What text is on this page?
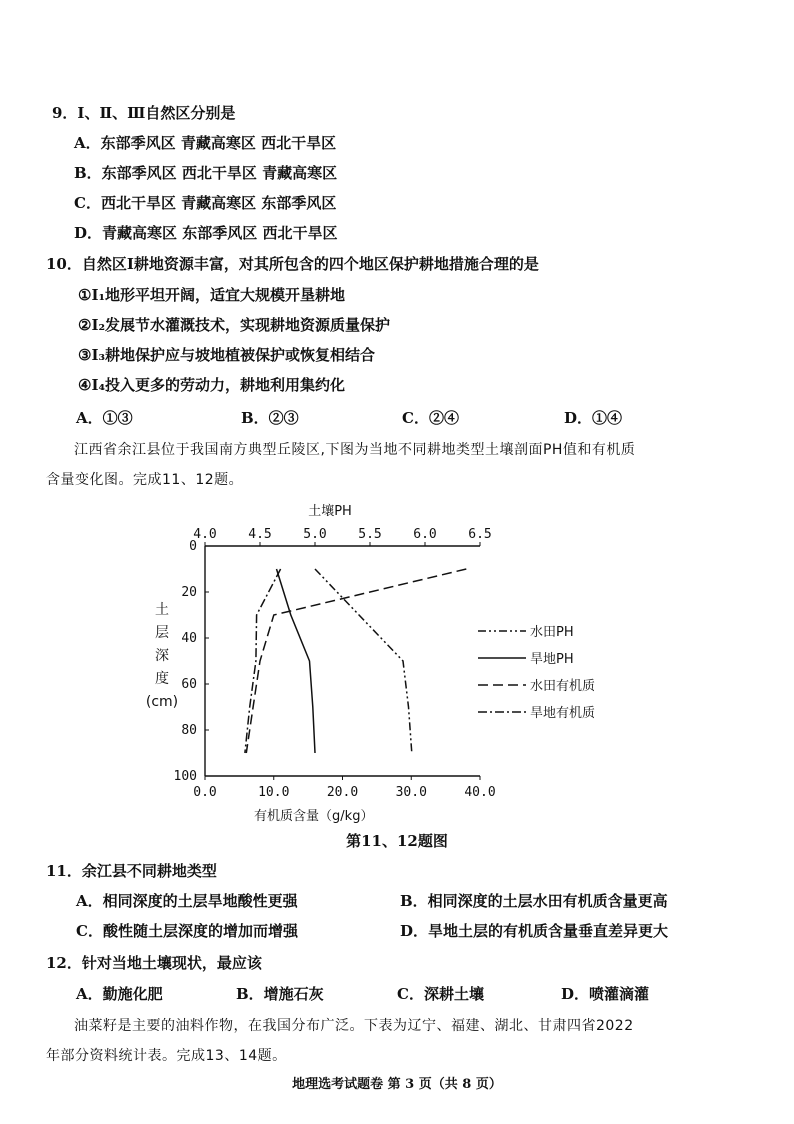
9．Ⅰ、Ⅱ、Ⅲ自然区分别是
A．东部季风区 青藏高寒区 西北干旱区
B．东部季风区 西北干旱区 青藏高寒区
C．西北干旱区 青藏高寒区 东部季风区
D．青藏高寒区 东部季风区 西北干旱区
10．自然区Ⅰ耕地资源丰富，对其所包含的四个地区保护耕地措施合理的是
①Ⅰ₁地形平坦开阔，适宜大规模开垦耕地
②Ⅰ₂发展节水灌溉技术，实现耕地资源质量保护
③Ⅰ₃耕地保护应与坡地植被保护或恢复相结合
④Ⅰ₄投入更多的劳动力，耕地利用集约化
A．①③	B．②③	C．②④	D．①④
江西省余江县位于我国南方典型丘陵区,下图为当地不同耕地类型土壤剖面PH值和有机质
含量变化图。完成11、12题。
水田PH
旱地PH
水田有机质
旱地有机质
4.0 4.5 5.0 5.5 6.0 6.5
土壤PH
0.0	10.0	20.0	30.0	40.0
有机质含量（g/kg）
0
20
40
60
80
100
土
层
深
度
(cm)
第11、12题图
11．余江县不同耕地类型
A．相同深度的土层旱地酸性更强	B．相同深度的土层水田有机质含量更高
C．酸性随土层深度的增加而增强	D．旱地土层的有机质含量垂直差异更大
12．针对当地土壤现状，最应该
A．勤施化肥	B．增施石灰	C．深耕土壤	D．喷灌滴灌
油菜籽是主要的油料作物，在我国分布广泛。下表为辽宁、福建、湖北、甘肃四省2022
年部分资料统计表。完成13、14题。
地理选考试题卷 第 3 页（共 8 页）
